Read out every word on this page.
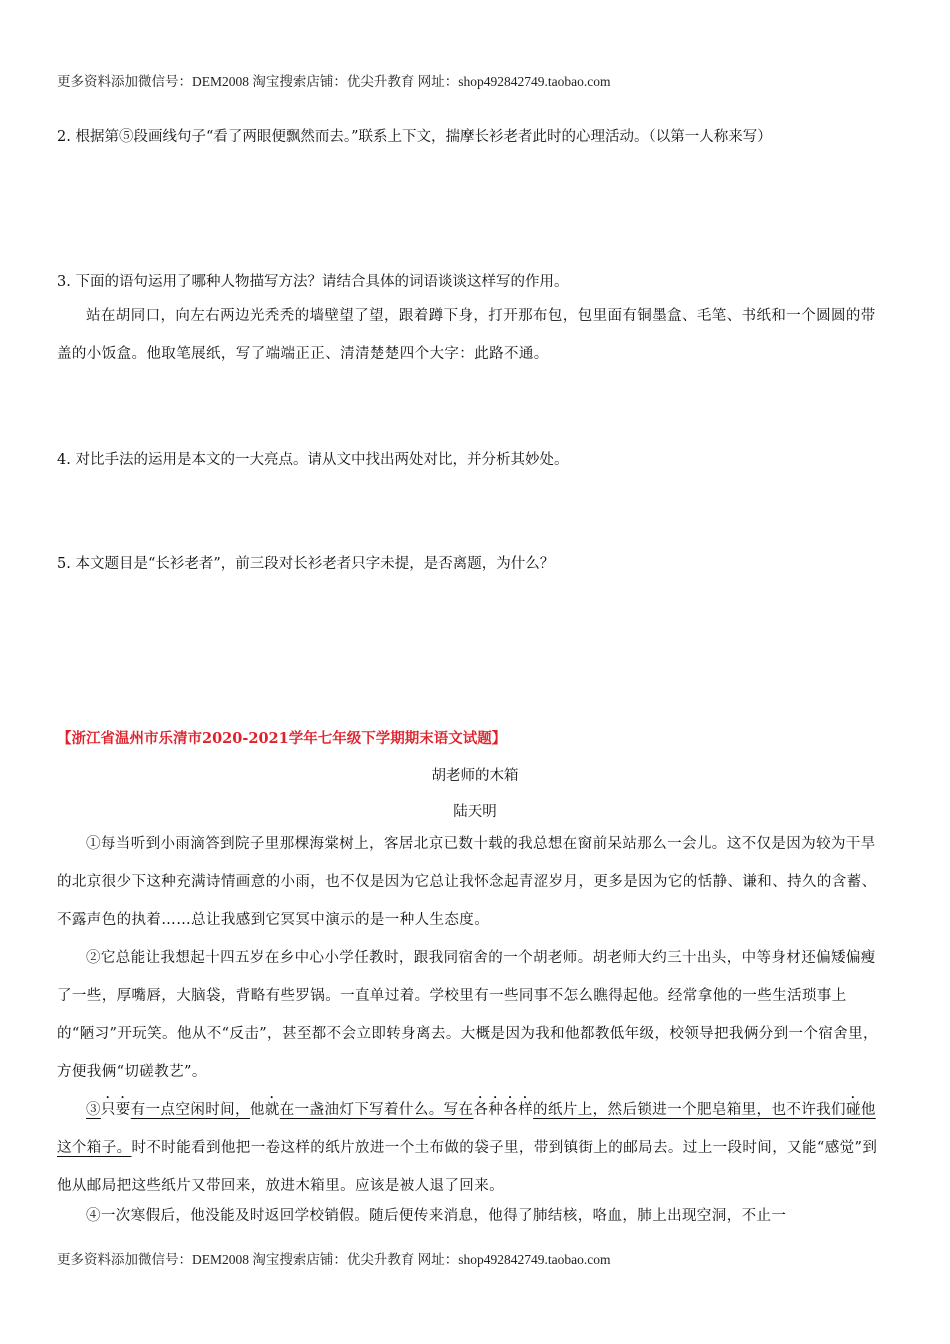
更多资料添加微信号：DEM2008 淘宝搜索店铺：优尖升教育 网址：shop492842749.taobao.com
2. 根据第⑤段画线句子“看了两眼便飘然而去。”联系上下文，揣摩长衫老者此时的心理活动。（以第一人称来写）
3. 下面的语句运用了哪种人物描写方法？请结合具体的词语谈谈这样写的作用。
站在胡同口，向左右两边光秃秃的墙壁望了望，跟着蹲下身，打开那布包，包里面有铜墨盒、毛笔、书纸和一个圆圆的带盖的小饭盒。他取笔展纸，写了端端正正、清清楚楚四个大字：此路不通。
4. 对比手法的运用是本文的一大亮点。请从文中找出两处对比，并分析其妙处。
5. 本文题目是“长衫老者”，前三段对长衫老者只字未提，是否离题，为什么？
【浙江省温州市乐清市2020-2021学年七年级下学期期末语文试题】
胡老师的木箱
陆天明
①每当听到小雨滴答到院子里那棵海棠树上，客居北京已数十载的我总想在窗前呆站那么一会儿。这不仅是因为较为干旱的北京很少下这种充满诗情画意的小雨，也不仅是因为它总让我怀念起青涩岁月，更多是因为它的恬静、谦和、持久的含蓄、不露声色的执着……总让我感到它冥冥中演示的是一种人生态度。
②它总能让我想起十四五岁在乡中心小学任教时，跟我同宿舍的一个胡老师。胡老师大约三十出头，中等身材还偏矮偏瘦了一些，厚嘴唇，大脑袋，背略有些罗锅。一直单过着。学校里有一些同事不怎么瞧得起他。经常拿他的一些生活琐事上的“陋习”开玩笑。他从不“反击”，甚至都不会立即转身离去。大概是因为我和他都教低年级，校领导把我俩分到一个宿舍里，方便我俩“切磋教艺”。
③只要有一点空闲时间，他就在一盏油灯下写着什么。写在各种各样的纸片上，然后锁进一个肥皂箱里，也不许我们碰他这个箱子。时不时能看到他把一卷这样的纸片放进一个土布做的袋子里，带到镇街上的邮局去。过上一段时间，又能“感觉”到他从邮局把这些纸片又带回来，放进木箱里。应该是被人退了回来。
④一次寒假后，他没能及时返回学校销假。随后便传来消息，他得了肺结核，咯血，肺上出现空洞，不止一
更多资料添加微信号：DEM2008 淘宝搜索店铺：优尖升教育 网址：shop492842749.taobao.com
